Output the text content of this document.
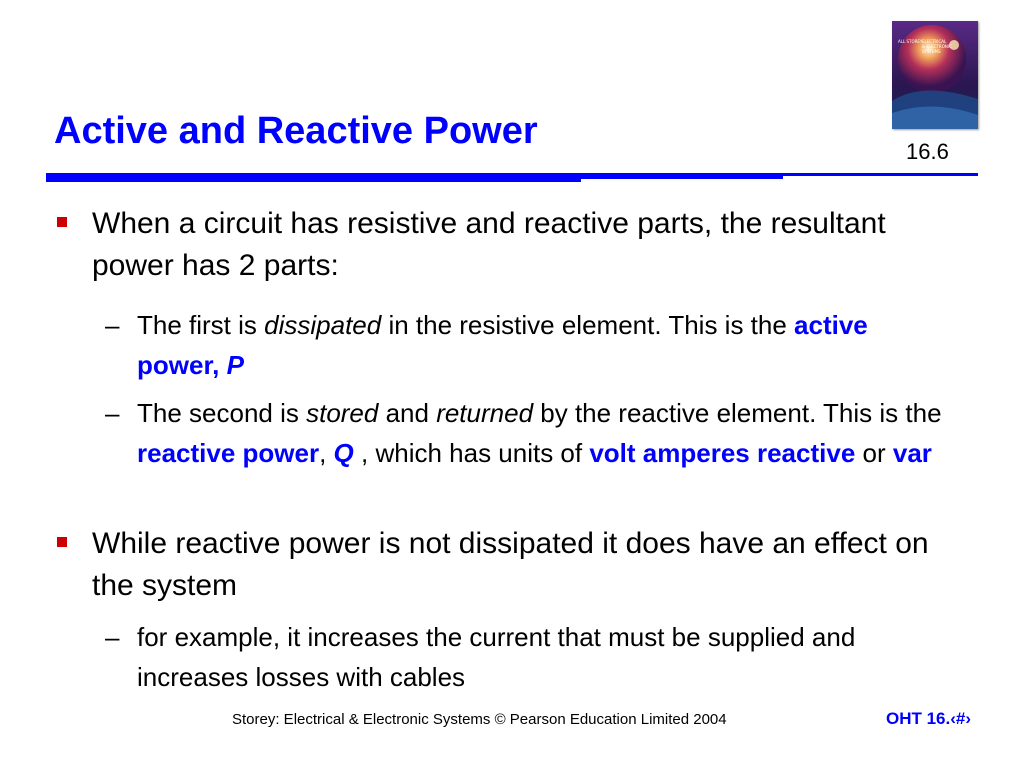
Active and Reactive Power
ALL STOREY ELECTRICAL
& ELECTRONIC
SYSTEMS
16.6
When a circuit has resistive and reactive parts, the resultant power has 2 parts:
– The first is dissipated in the resistive element. This is the active power, P
– The second is stored and returned by the reactive element. This is the reactive power, Q , which has units of volt amperes reactive or var
While reactive power is not dissipated it does have an effect on the system
– for example, it increases the current that must be supplied and increases losses with cables
Storey: Electrical & Electronic Systems © Pearson Education Limited 2004	OHT 16.‹#›
